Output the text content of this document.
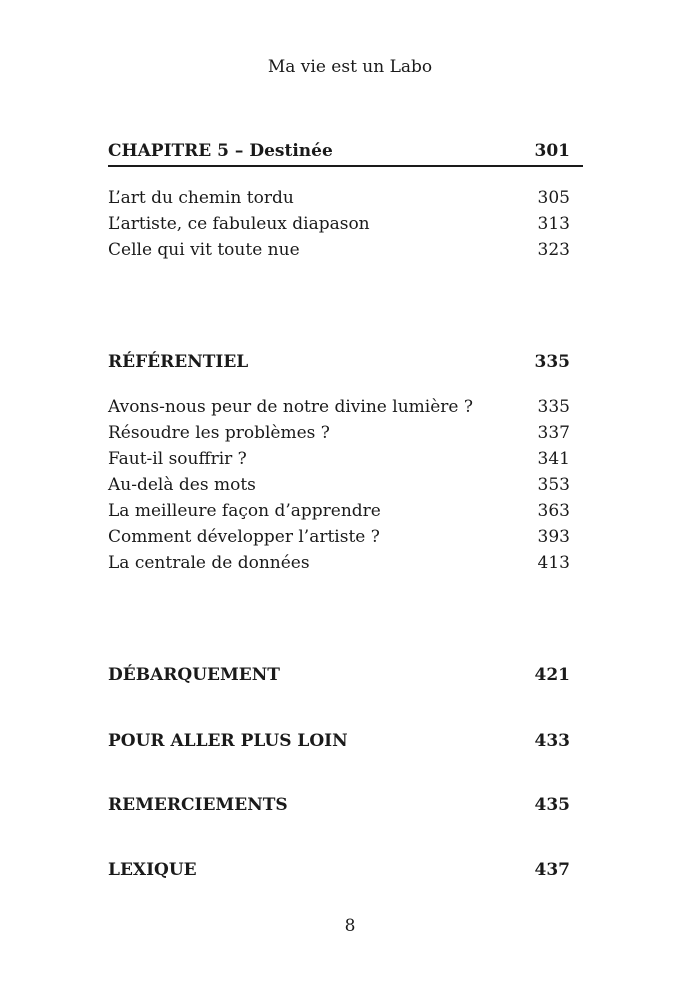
Ma vie est un Labo
CHAPITRE 5 – Destinée	301
L’art du chemin tordu	305
L’artiste, ce fabuleux diapason	313
Celle qui vit toute nue	323
RÉFÉRENTIEL	335
Avons-nous peur de notre divine lumière ?	335
Résoudre les problèmes ?	337
Faut-il souffrir ?	341
Au-delà des mots	353
La meilleure façon d’apprendre	363
Comment développer l’artiste ?	393
La centrale de données	413
DÉBARQUEMENT	421
POUR ALLER PLUS LOIN	433
REMERCIEMENTS	435
LEXIQUE	437
8
